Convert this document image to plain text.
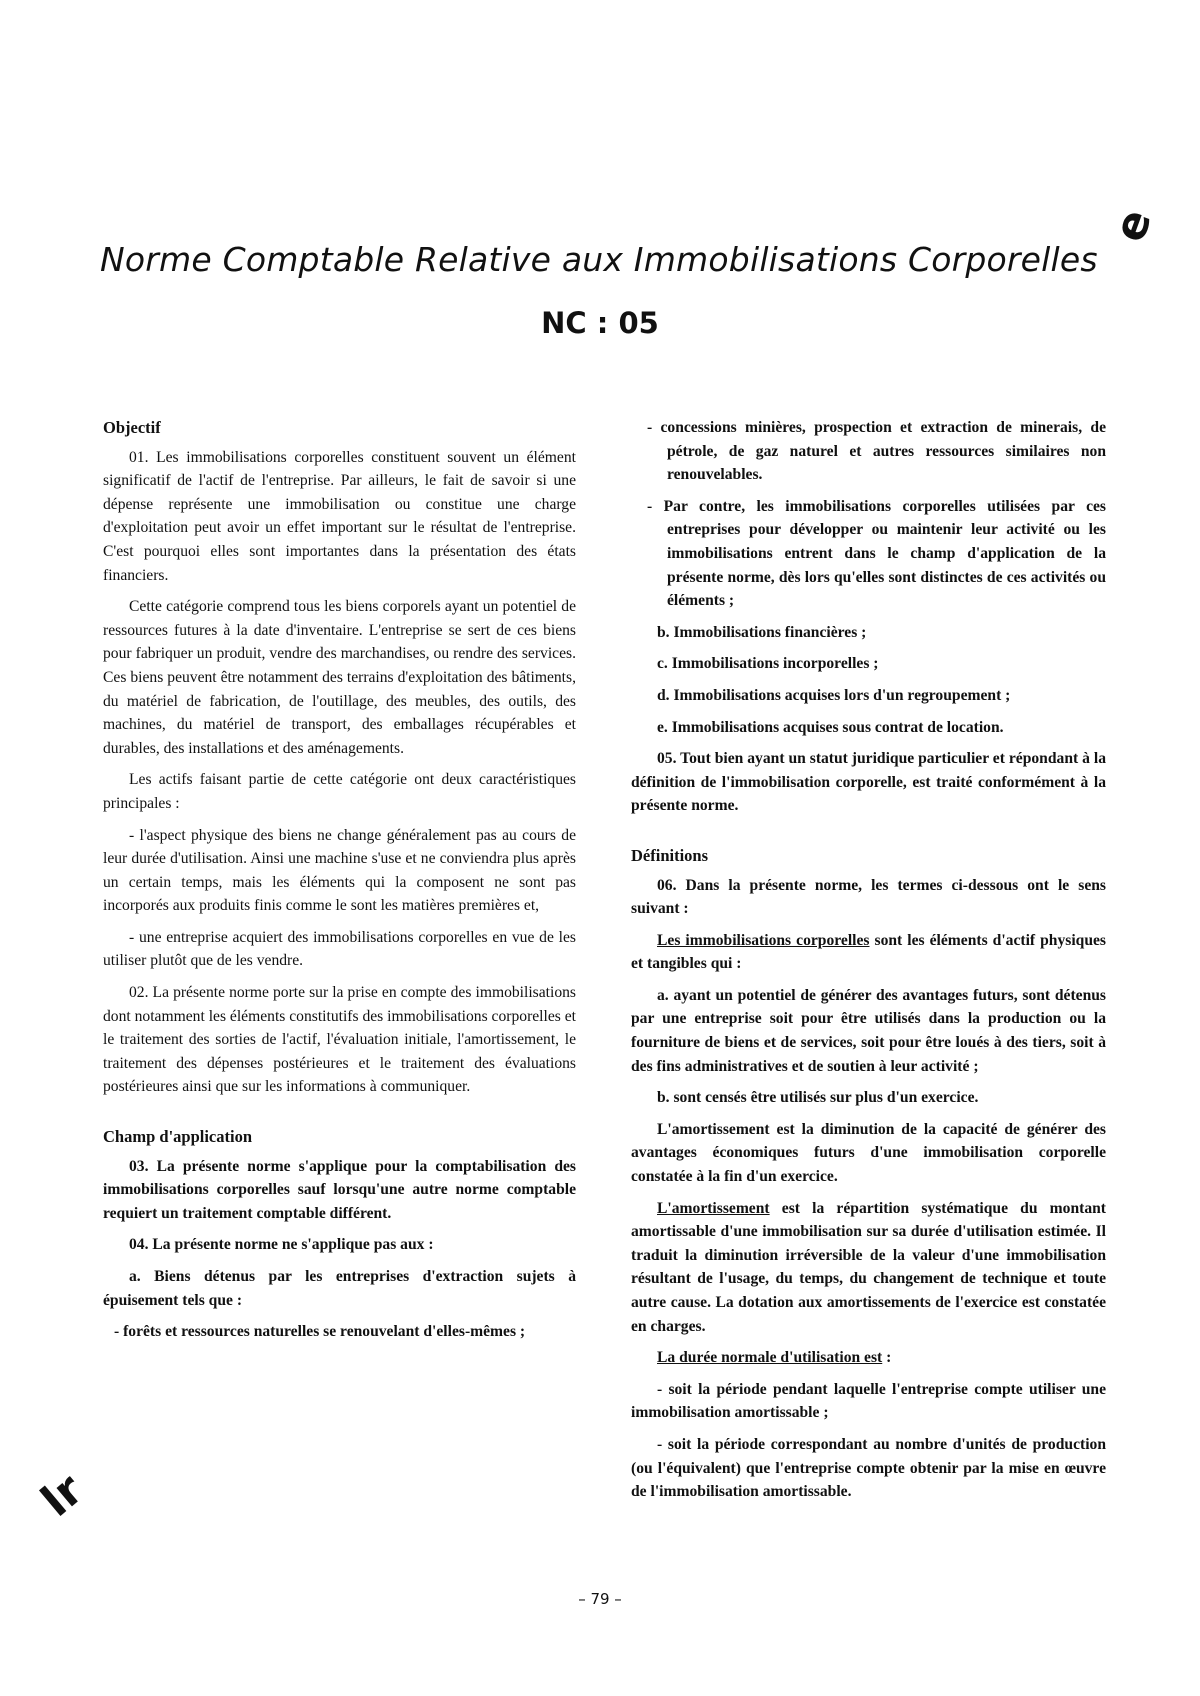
Norme Comptable Relative aux Immobilisations Corporelles
NC : 05
e
lr
Objectif

01. Les immobilisations corporelles constituent souvent un élément significatif de l'actif de l'entreprise. Par ailleurs, le fait de savoir si une dépense représente une immobilisation ou constitue une charge d'exploitation peut avoir un effet important sur le résultat de l'entreprise. C'est pourquoi elles sont importantes dans la présentation des états financiers.

Cette catégorie comprend tous les biens corporels ayant un potentiel de ressources futures à la date d'inventaire. L'entreprise se sert de ces biens pour fabriquer un produit, vendre des marchandises, ou rendre des services. Ces biens peuvent être notamment des terrains d'exploitation des bâtiments, du matériel de fabrication, de l'outillage, des meubles, des outils, des machines, du matériel de transport, des emballages récupérables et durables, des installations et des aménagements.

Les actifs faisant partie de cette catégorie ont deux caractéristiques principales :

- l'aspect physique des biens ne change généralement pas au cours de leur durée d'utilisation. Ainsi une machine s'use et ne conviendra plus après un certain temps, mais les éléments qui la composent ne sont pas incorporés aux produits finis comme le sont les matières premières et,

- une entreprise acquiert des immobilisations corporelles en vue de les utiliser plutôt que de les vendre.

02. La présente norme porte sur la prise en compte des immobilisations dont notamment les éléments constitutifs des immobilisations corporelles et le traitement des sorties de l'actif, l'évaluation initiale, l'amortissement, le traitement des dépenses postérieures et le traitement des évaluations postérieures ainsi que sur les informations à communiquer.

Champ d'application

03. La présente norme s'applique pour la comptabilisation des immobilisations corporelles sauf lorsqu'une autre norme comptable requiert un traitement comptable différent.

04. La présente norme ne s'applique pas aux :

a. Biens détenus par les entreprises d'extraction sujets à épuisement tels que :

- forêts et ressources naturelles se renouvelant d'elles-mêmes ;

- concessions minières, prospection et extraction de minerais, de pétrole, de gaz naturel et autres ressources similaires non renouvelables.

- Par contre, les immobilisations corporelles utilisées par ces entreprises pour développer ou maintenir leur activité ou les immobilisations entrent dans le champ d'application de la présente norme, dès lors qu'elles sont distinctes de ces activités ou éléments ;

b. Immobilisations financières ;

c. Immobilisations incorporelles ;

d. Immobilisations acquises lors d'un regroupement ;

e. Immobilisations acquises sous contrat de location.

05. Tout bien ayant un statut juridique particulier et répondant à la définition de l'immobilisation corporelle, est traité conformément à la présente norme.

Définitions

06. Dans la présente norme, les termes ci-dessous ont le sens suivant :

Les immobilisations corporelles sont les éléments d'actif physiques et tangibles qui :

a. ayant un potentiel de générer des avantages futurs, sont détenus par une entreprise soit pour être utilisés dans la production ou la fourniture de biens et de services, soit pour être loués à des tiers, soit à des fins administratives et de soutien à leur activité ;

b. sont censés être utilisés sur plus d'un exercice.

L'amortissement est la diminution de la capacité de générer des avantages économiques futurs d'une immobilisation corporelle constatée à la fin d'un exercice.

L'amortissement est la répartition systématique du montant amortissable d'une immobilisation sur sa durée d'utilisation estimée. Il traduit la diminution irréversible de la valeur d'une immobilisation résultant de l'usage, du temps, du changement de technique et toute autre cause. La dotation aux amortissements de l'exercice est constatée en charges.

La durée normale d'utilisation est :

- soit la période pendant laquelle l'entreprise compte utiliser une immobilisation amortissable ;

- soit la période correspondant au nombre d'unités de production (ou l'équivalent) que l'entreprise compte obtenir par la mise en œuvre de l'immobilisation amortissable.

– 79 –
